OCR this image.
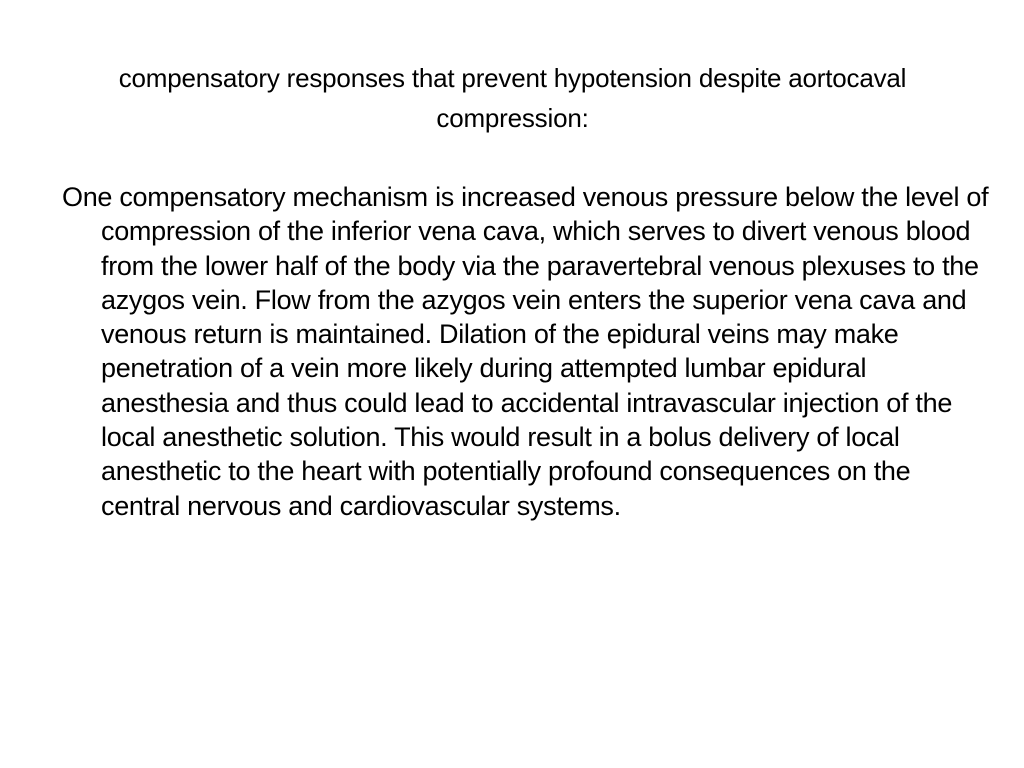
compensatory responses that prevent hypotension despite aortocaval compression:

One compensatory mechanism is increased venous pressure below the level of compression of the inferior vena cava, which serves to divert venous blood from the lower half of the body via the paravertebral venous plexuses to the azygos vein. Flow from the azygos vein enters the superior vena cava and venous return is maintained. Dilation of the epidural veins may make penetration of a vein more likely during attempted lumbar epidural anesthesia and thus could lead to accidental intravascular injection of the local anesthetic solution. This would result in a bolus delivery of local anesthetic to the heart with potentially profound consequences on the central nervous and cardiovascular systems.
